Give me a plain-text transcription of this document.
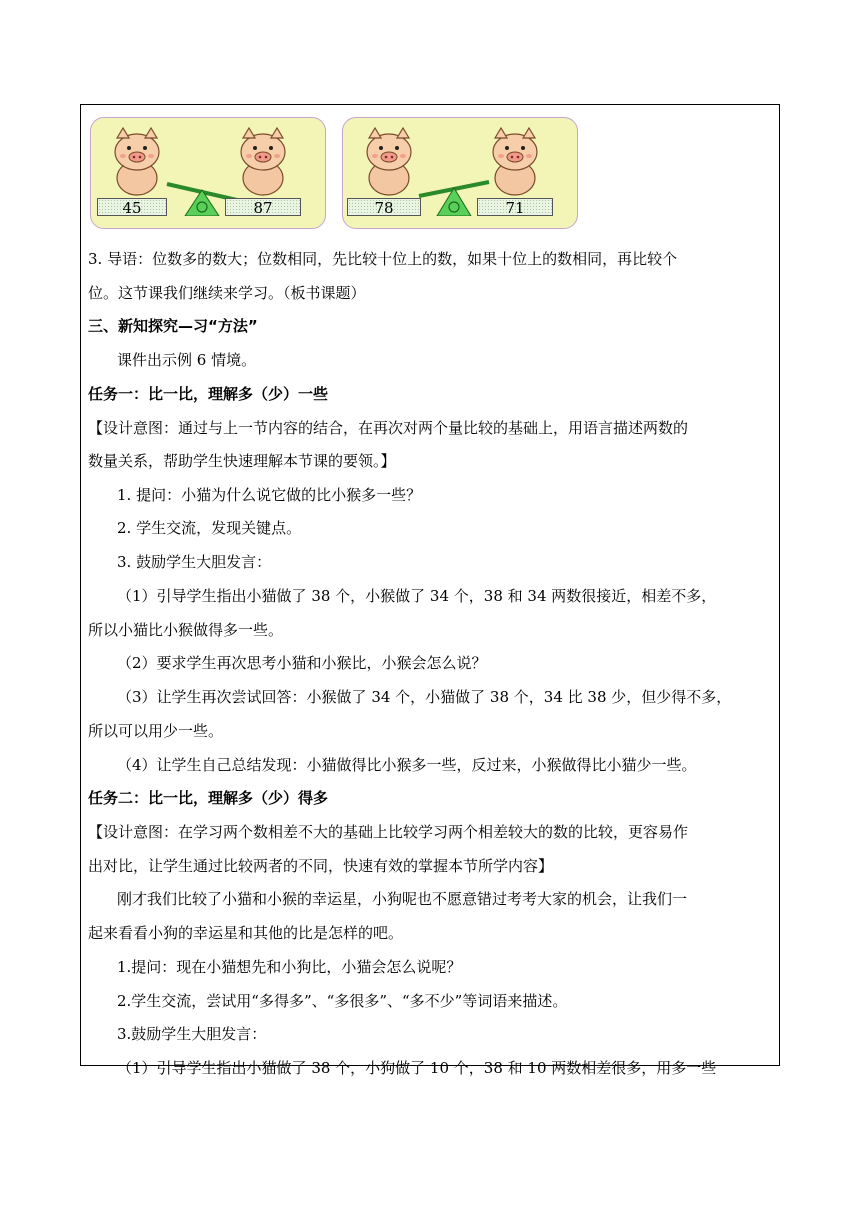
45	87	78	71
3. 导语：位数多的数大；位数相同，先比较十位上的数，如果十位上的数相同，再比较个
位。这节课我们继续来学习。（板书课题）
三、新知探究—习“方法”
课件出示例 6 情境。
任务一：比一比，理解多（少）一些
【设计意图：通过与上一节内容的结合，在再次对两个量比较的基础上，用语言描述两数的
数量关系，帮助学生快速理解本节课的要领。】
1. 提问：小猫为什么说它做的比小猴多一些？
2. 学生交流，发现关键点。
3. 鼓励学生大胆发言：
（1）引导学生指出小猫做了 38 个，小猴做了 34 个，38 和 34 两数很接近，相差不多，
所以小猫比小猴做得多一些。
（2）要求学生再次思考小猫和小猴比，小猴会怎么说？
（3）让学生再次尝试回答：小猴做了 34 个，小猫做了 38 个，34 比 38 少，但少得不多，
所以可以用少一些。
（4）让学生自己总结发现：小猫做得比小猴多一些，反过来，小猴做得比小猫少一些。
任务二：比一比，理解多（少）得多
【设计意图：在学习两个数相差不大的基础上比较学习两个相差较大的数的比较，更容易作
出对比，让学生通过比较两者的不同，快速有效的掌握本节所学内容】
刚才我们比较了小猫和小猴的幸运星，小狗呢也不愿意错过考考大家的机会，让我们一
起来看看小狗的幸运星和其他的比是怎样的吧。
1.提问：现在小猫想先和小狗比，小猫会怎么说呢？
2.学生交流，尝试用“多得多”、“多很多”、“多不少”等词语来描述。
3.鼓励学生大胆发言：
（1）引导学生指出小猫做了 38 个，小狗做了 10 个，38 和 10 两数相差很多，用多一些
